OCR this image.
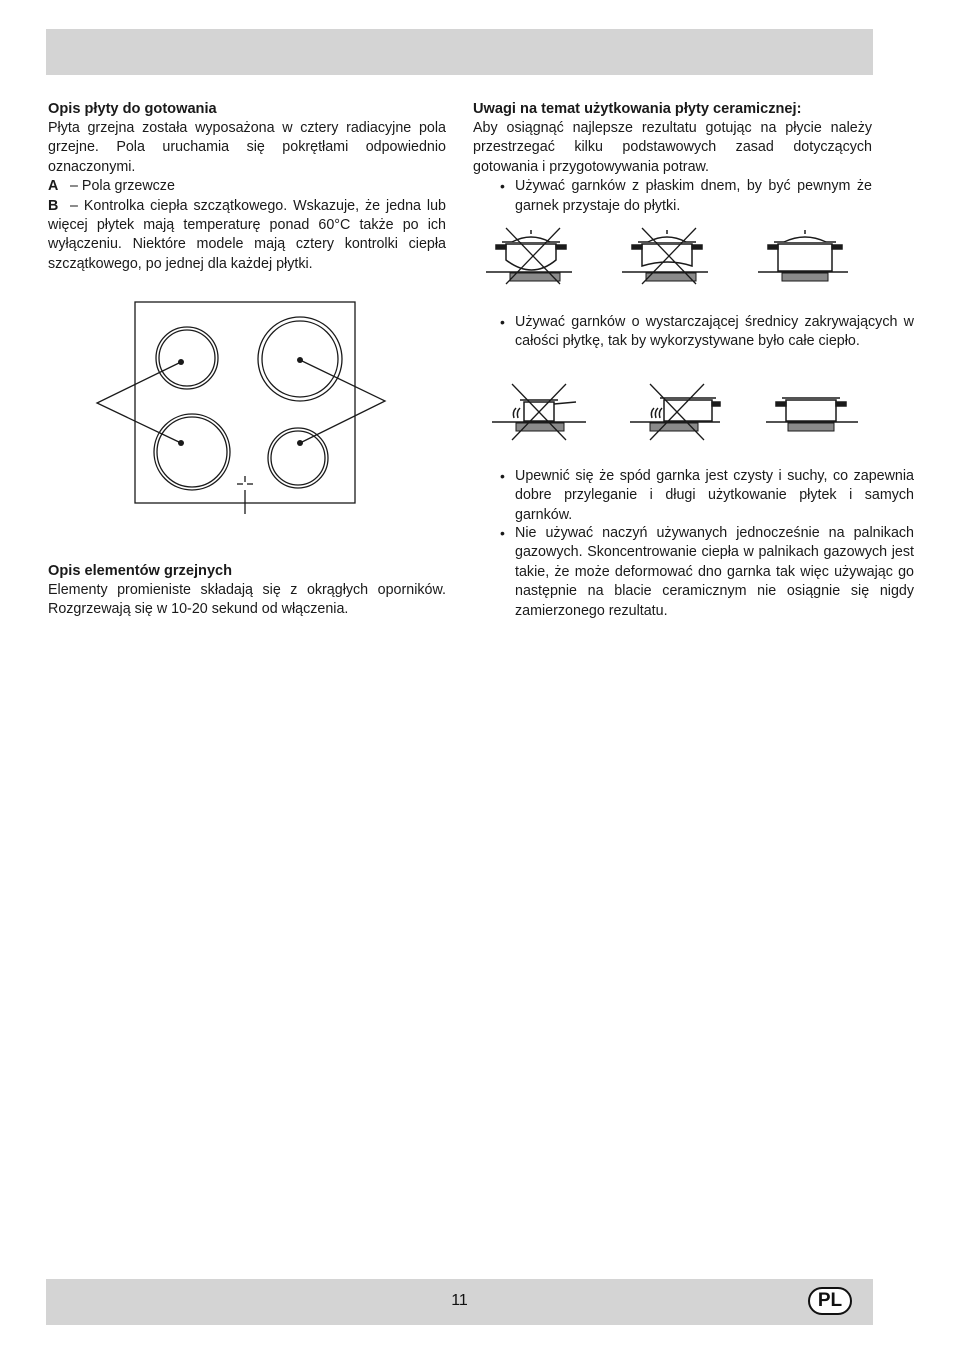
Opis płyty do gotowania

Płyta grzejna została wyposażona w cztery radiacyjne pola grzejne. Pola uruchamia się pokrętłami odpowiednio oznaczonymi.

A – Pola grzewcze

B – Kontrolka ciepła szczątkowego. Wskazuje, że jedna lub więcej płytek mają temperaturę ponad 60°C także po ich wyłączeniu. Niektóre modele mają cztery kontrolki ciepła szczątkowego, po jednej dla każdej płytki.

Opis elementów grzejnych

Elementy promieniste składają się z okrągłych oporników. Rozgrzewają się w 10-20 sekund od włączenia.

Uwagi na temat użytkowania płyty ceramicznej:

Aby osiągnąć najlepsze rezultatu gotując na płycie należy przestrzegać kilku podstawowych zasad dotyczących gotowania i przygotowywania potraw.

• Używać garnków z płaskim dnem, by być pewnym że garnek przystaje do płytki.

• Używać garnków o wystarczającej średnicy zakrywających w całości płytkę, tak by wykorzystywane było całe ciepło.

• Upewnić się że spód garnka jest czysty i suchy, co zapewnia dobre przyleganie i długi użytkowanie płytek i samych garnków.

• Nie używać naczyń używanych jednocześnie na palnikach gazowych. Skoncentrowanie ciepła w palnikach gazowych jest takie, że może deformować dno garnka tak więc używając go następnie na blacie ceramicznym nie osiągnie się nigdy zamierzonego rezultatu.

11	PL
